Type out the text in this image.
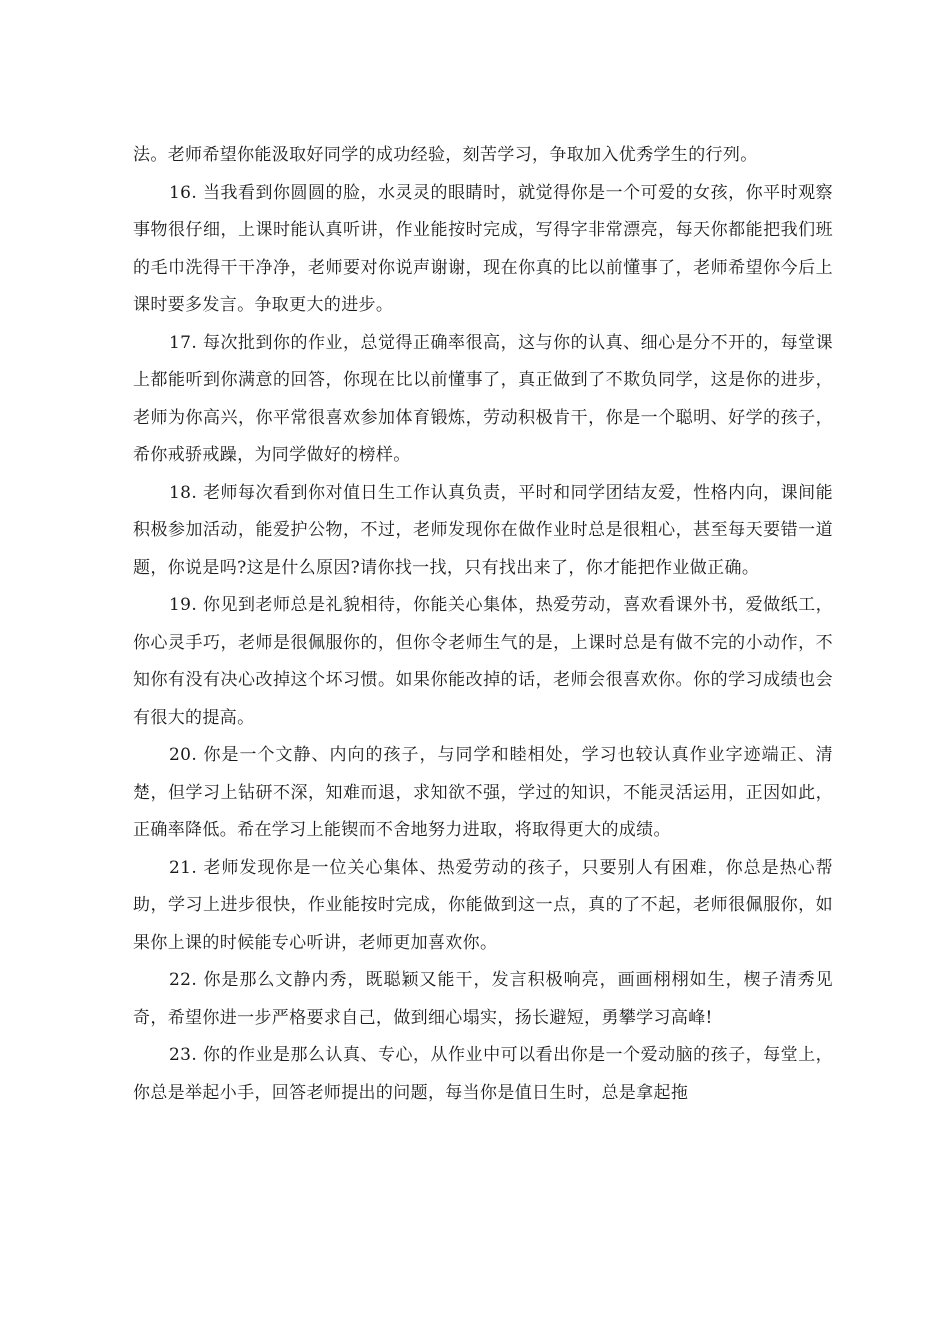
法。老师希望你能汲取好同学的成功经验，刻苦学习，争取加入优秀学生的行列。

16. 当我看到你圆圆的脸，水灵灵的眼睛时，就觉得你是一个可爱的女孩，你平时观察事物很仔细，上课时能认真听讲，作业能按时完成，写得字非常漂亮，每天你都能把我们班的毛巾洗得干干净净，老师要对你说声谢谢，现在你真的比以前懂事了，老师希望你今后上课时要多发言。争取更大的进步。

17. 每次批到你的作业，总觉得正确率很高，这与你的认真、细心是分不开的，每堂课上都能听到你满意的回答，你现在比以前懂事了，真正做到了不欺负同学，这是你的进步，老师为你高兴，你平常很喜欢参加体育锻炼，劳动积极肯干，你是一个聪明、好学的孩子，希你戒骄戒躁，为同学做好的榜样。

18. 老师每次看到你对值日生工作认真负责，平时和同学团结友爱，性格内向，课间能积极参加活动，能爱护公物，不过，老师发现你在做作业时总是很粗心，甚至每天要错一道题，你说是吗?这是什么原因?请你找一找，只有找出来了，你才能把作业做正确。

19. 你见到老师总是礼貌相待，你能关心集体，热爱劳动，喜欢看课外书，爱做纸工，你心灵手巧，老师是很佩服你的，但你令老师生气的是，上课时总是有做不完的小动作，不知你有没有决心改掉这个坏习惯。如果你能改掉的话，老师会很喜欢你。你的学习成绩也会有很大的提高。

20. 你是一个文静、内向的孩子，与同学和睦相处，学习也较认真作业字迹端正、清楚，但学习上钻研不深，知难而退，求知欲不强，学过的知识，不能灵活运用，正因如此，正确率降低。希在学习上能锲而不舍地努力进取，将取得更大的成绩。

21. 老师发现你是一位关心集体、热爱劳动的孩子，只要别人有困难，你总是热心帮助，学习上进步很快，作业能按时完成，你能做到这一点，真的了不起，老师很佩服你，如果你上课的时候能专心听讲，老师更加喜欢你。

22. 你是那么文静内秀，既聪颖又能干，发言积极响亮，画画栩栩如生，楔子清秀见奇，希望你进一步严格要求自己，做到细心塌实，扬长避短，勇攀学习高峰!

23. 你的作业是那么认真、专心，从作业中可以看出你是一个爱动脑的孩子，每堂上，你总是举起小手，回答老师提出的问题，每当你是值日生时，总是拿起拖
